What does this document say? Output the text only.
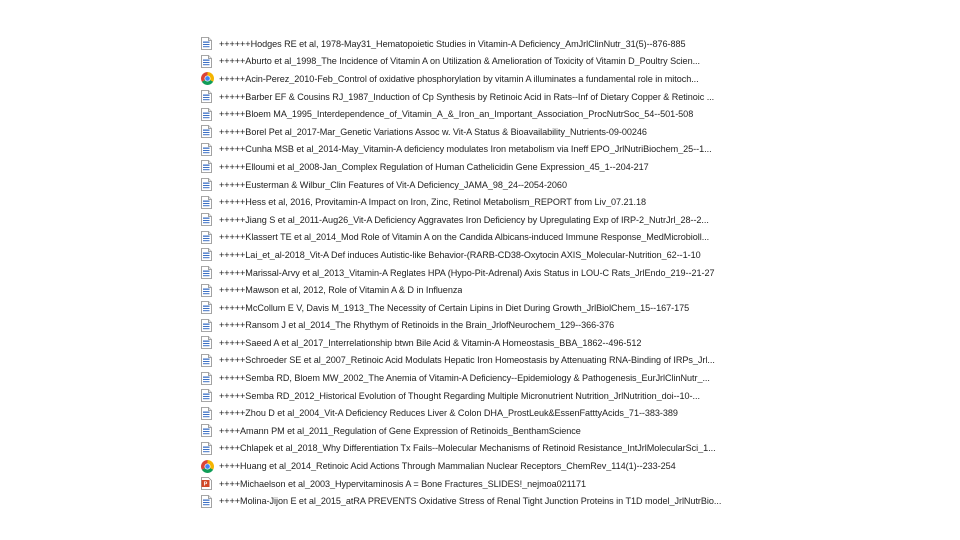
++++++Hodges RE et al, 1978-May31_Hematopoietic Studies in Vitamin-A Deficiency_AmJrlClinNutr_31(5)--876-885
+++++Aburto et al_1998_The Incidence of Vitamin A on Utilization & Amelioration of Toxicity of Vitamin D_Poultry Scien...
+++++Acin-Perez_2010-Feb_Control of oxidative phosphorylation by vitamin A illuminates a fundamental role in mitoch...
+++++Barber EF & Cousins RJ_1987_Induction of Cp Synthesis by Retinoic Acid in Rats--Inf of Dietary Copper & Retinoic ...
+++++Bloem MA_1995_Interdependence_of_Vitamin_A_&_Iron_an_Important_Association_ProcNutrSoc_54--501-508
+++++Borel Pet al_2017-Mar_Genetic Variations Assoc w. Vit-A Status & Bioavailability_Nutrients-09-00246
+++++Cunha MSB et al_2014-May_Vitamin-A deficiency modulates Iron metabolism via Ineff EPO_JrlNutriBiochem_25--1...
+++++Elloumi et al_2008-Jan_Complex Regulation of Human Cathelicidin Gene Expression_45_1--204-217
+++++Eusterman & Wilbur_Clin Features of Vit-A Deficiency_JAMA_98_24--2054-2060
+++++Hess et al, 2016, Provitamin-A Impact on Iron, Zinc, Retinol Metabolism_REPORT from Liv_07.21.18
+++++Jiang S et al_2011-Aug26_Vit-A Deficiency Aggravates Iron Deficiency by Upregulating Exp of IRP-2_NutrJrl_28--2...
+++++Klassert TE et al_2014_Mod Role of Vitamin A on the Candida Albicans-induced Immune Response_MedMicrobioll...
+++++Lai_et_al-2018_Vit-A Def induces Autistic-like Behavior-(RARB-CD38-Oxytocin AXIS_Molecular-Nutrition_62--1-10
+++++Marissal-Arvy et al_2013_Vitamin-A Reglates HPA (Hypo-Pit-Adrenal) Axis Status in LOU-C Rats_JrlEndo_219--21-27
+++++Mawson et al, 2012, Role of Vitamin A & D in Influenza
+++++McCollum E V, Davis M_1913_The Necessity of Certain Lipins in Diet During Growth_JrlBiolChem_15--167-175
+++++Ransom J et al_2014_The Rhythym of Retinoids in the Brain_JrlofNeurochem_129--366-376
+++++Saeed A et al_2017_Interrelationship btwn Bile Acid & Vitamin-A Homeostasis_BBA_1862--496-512
+++++Schroeder SE et al_2007_Retinoic Acid Modulats Hepatic Iron Homeostasis by Attenuating RNA-Binding of IRPs_Jrl...
+++++Semba RD, Bloem MW_2002_The Anemia of Vitamin-A Deficiency--Epidemiology & Pathogenesis_EurJrlClinNutr_...
+++++Semba RD_2012_Historical Evolution of Thought Regarding Multiple Micronutrient Nutrition_JrlNutrition_doi--10-...
+++++Zhou D et al_2004_Vit-A Deficiency Reduces Liver & Colon DHA_ProstLeuk&EssenFatttyAcids_71--383-389
++++Amann PM et al_2011_Regulation of Gene Expression of Retinoids_BenthamScience
++++Chlapek et al_2018_Why Differentiation Tx Fails--Molecular Mechanisms of Retinoid Resistance_IntJrlMolecularSci_1...
++++Huang et al_2014_Retinoic Acid Actions Through Mammalian Nuclear Receptors_ChemRev_114(1)--233-254
P ++++Michaelson et al_2003_Hypervitaminosis A = Bone Fractures_SLIDES!_nejmoa021171
++++Molina-Jijon E et al_2015_atRA PREVENTS Oxidative Stress of Renal Tight Junction Proteins in T1D model_JrlNutrBio...
